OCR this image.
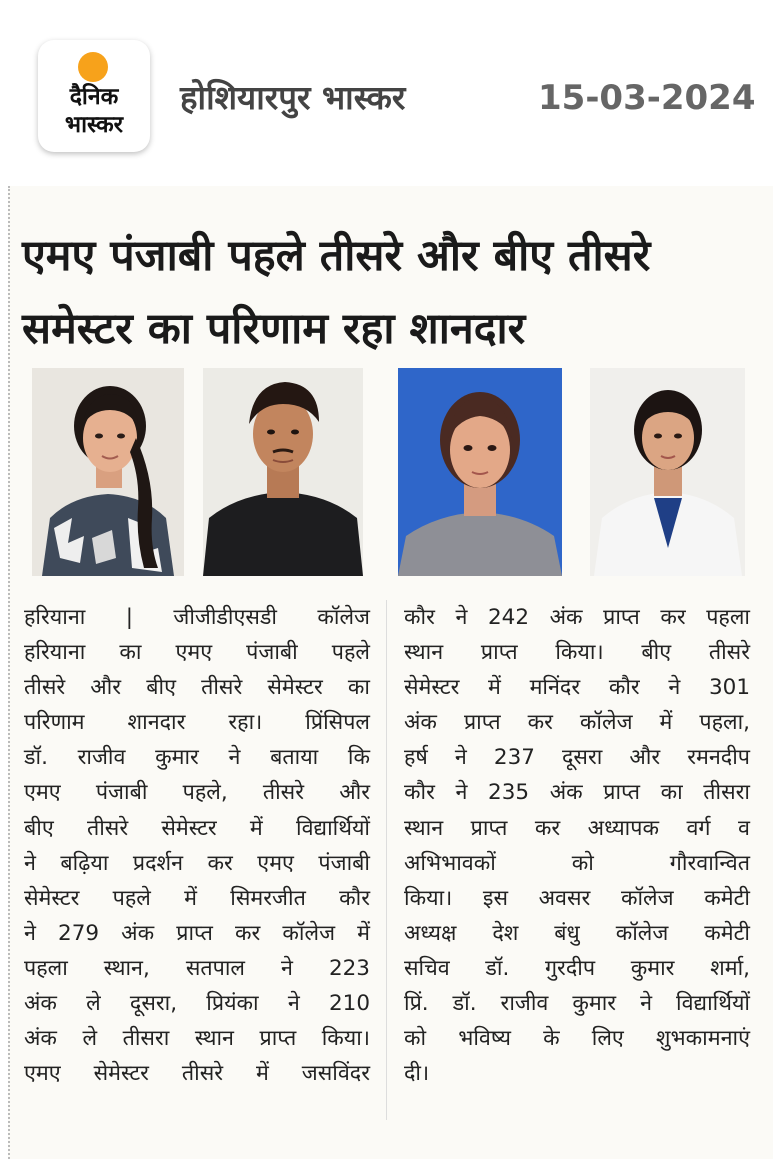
दैनिक
भास्कर
होशियारपुर भास्कर	15-03-2024
एमए पंजाबी पहले तीसरे और बीए तीसरे
समेस्टर का परिणाम रहा शानदार
हरियाना | जीजीडीएसडी कॉलेज
हरियाना का एमए पंजाबी पहले
तीसरे और बीए तीसरे सेमेस्टर का
परिणाम शानदार रहा। प्रिंसिपल
डॉ. राजीव कुमार ने बताया कि
एमए पंजाबी पहले, तीसरे और
बीए तीसरे सेमेस्टर में विद्यार्थियों
ने बढ़िया प्रदर्शन कर एमए पंजाबी
सेमेस्टर पहले में सिमरजीत कौर
ने 279 अंक प्राप्त कर कॉलेज में
पहला स्थान, सतपाल ने 223
अंक ले दूसरा, प्रियंका ने 210
अंक ले तीसरा स्थान प्राप्त किया।
एमए सेमेस्टर तीसरे में जसविंदर
कौर ने 242 अंक प्राप्त कर पहला
स्थान प्राप्त किया। बीए तीसरे
सेमेस्टर में मनिंदर कौर ने 301
अंक प्राप्त कर कॉलेज में पहला,
हर्ष ने 237 दूसरा और रमनदीप
कौर ने 235 अंक प्राप्त का तीसरा
स्थान प्राप्त कर अध्यापक वर्ग व
अभिभावकों को गौरवान्वित
किया। इस अवसर कॉलेज कमेटी
अध्यक्ष देश बंधु कॉलेज कमेटी
सचिव डॉ. गुरदीप कुमार शर्मा,
प्रिं. डॉ. राजीव कुमार ने विद्यार्थियों
को भविष्य के लिए शुभकामनाएं
दी।
